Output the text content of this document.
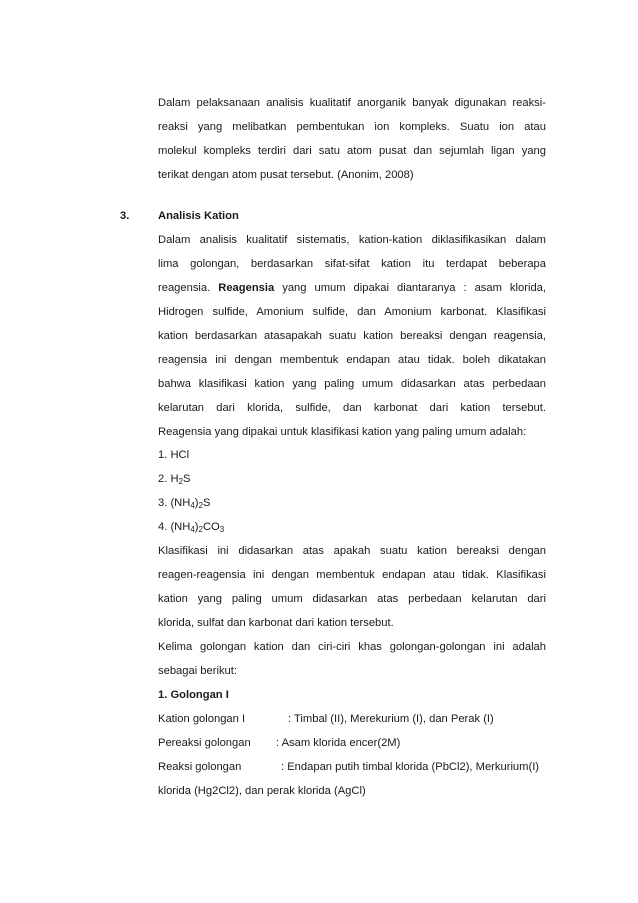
Dalam pelaksanaan analisis kualitatif anorganik banyak digunakan reaksi-
reaksi yang melibatkan pembentukan ion kompleks. Suatu ion atau
molekul kompleks terdiri dari satu atom pusat dan sejumlah ligan yang
terikat dengan atom pusat tersebut. (Anonim, 2008)
3.	Analisis Kation
Dalam analisis kualitatif sistematis, kation-kation diklasifikasikan dalam
lima golongan, berdasarkan sifat-sifat kation itu terdapat beberapa
reagensia. Reagensia yang umum dipakai diantaranya : asam klorida,
Hidrogen sulfide, Amonium sulfide, dan Amonium karbonat. Klasifikasi
kation berdasarkan atasapakah suatu kation bereaksi dengan reagensia,
reagensia ini dengan membentuk endapan atau tidak. boleh dikatakan
bahwa klasifikasi kation yang paling umum didasarkan atas perbedaan
kelarutan dari klorida, sulfide, dan karbonat dari kation tersebut.
Reagensia yang dipakai untuk klasifikasi kation yang paling umum adalah:
1. HCl
2. $H_2S$
3. $(NH_4)_2S$
4. $(NH_4)_2CO_3$
Klasifikasi ini didasarkan atas apakah suatu kation bereaksi dengan
reagen-reagensia ini dengan membentuk endapan atau tidak. Klasifikasi
kation yang paling umum didasarkan atas perbedaan kelarutan dari
klorida, sulfat dan karbonat dari kation tersebut.
Kelima golongan kation dan ciri-ciri khas golongan-golongan ini adalah
sebagai berikut:
1. Golongan I
Kation golongan I	: Timbal (II), Merekurium (I), dan Perak (I)
Pereaksi golongan : Asam klorida encer(2M)
Reaksi golongan	: Endapan putih timbal klorida (PbCl2), Merkurium(I)
klorida (Hg2Cl2), dan perak klorida (AgCl)
